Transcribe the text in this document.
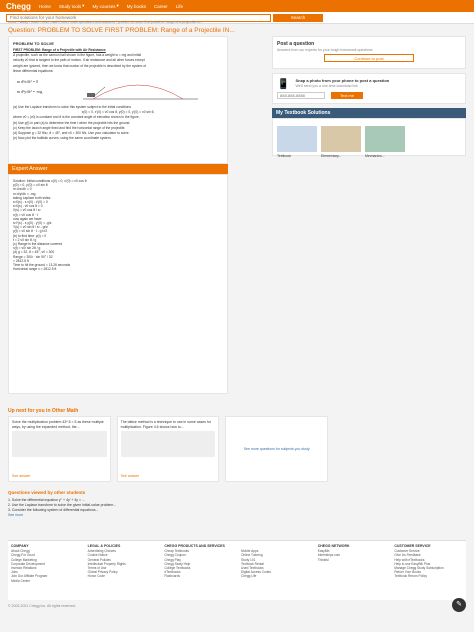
Chegg Home Study tools ▾ My courses ▾ My books Career Life
Find solutions for your homework
Search
home / study / math / other math / other math questions and answers / problem to solve first problem: range of a projectile in...
Question: PROBLEM TO SOLVE FIRST PROBLEM: Range of a Projectile IN...
PROBLEM TO SOLVE

FIRST PROBLEM: Range of a Projectile with Air Resistance

A projectile, such as the cannon ball shown in the figure, has a weight w = mg and initial

velocity v0 that is tangent to the path of motion. If air resistance and all other forces except

weight are ignored, then we know that motion of the projectile is described by the system of

linear differential equations:

m d²x/dt² = 0
m d²y/dt² = -mg

(a) Use the Laplace transform to solve this system subject to the initial conditions

x(0) = 0, x'(0) = v0 cos θ, y(0) = 0, y'(0) = v0 sin θ,

where v0 = |v0| is constant and θ is the constant angle of elevation shown in the figure.

(b) Use y(t) in part (a) to determine the time t when the projectile hits the ground.

(c) Keep the launch angle fixed and find the horizontal range of the projectile.

(d) Suppose g = 32 ft/s², θ = 45°, and v0 = 300 ft/s. Use your calculator to solve.

(e) Now plot the ballistic curves, using the same coordinate system.

Post a question
Answers from our experts for your tough homework questions
Continue to post
📱 Snap a photo from your phone to post a question
We'll send you a one-time download link
888-888-8888
Text me
My Textbook Solutions
Textbook	Elementary...	Mechanics...
Expert Answer
Solution: Initial conditions x(0) = 0, x'(0) = v0 cos θ
y(0) = 0, y'(0) = v0 sin θ
m d²x/dt² = 0
m d²y/dt² = -mg
taking Laplace both sides:
s²X(s) - s x(0) - x'(0) = 0
s²X(s) - v0 cos θ = 0
X(s) = v0 cos θ / s²
x(t) = v0 cos θ · t
now again we have:
s²Y(s) - s y(0) - y'(0) = -g/s
Y(s) = v0 sin θ / s² - g/s³
y(t) = v0 sin θ · t - g t²/2
(b) to find time: y(t) = 0
t = 2 v0 sin θ / g
(c) Range is the distance covered
x(t) = v0² sin 2θ / g
(d) g = 32, θ = 45°, v0 = 300
Range = 300² · sin 90° / 32
= 2812.5 ft
Time to hit the ground = 13.26 seconds
Horizontal range x = 2812.5 ft
Up next for you in Other Math
Solve the multiplication problem 43*.5 = 5 as these multiple ways, by using the expanded method, the...
See answer
The lattice method is a technique to use in some cases for multiplication. Figure 4.6 shows how to...
See answer
See more questions for subjects you study
Questions viewed by other students
1. Solve the differential equation y'' + 4y' + 4y = ...
2. Use the Laplace transform to solve the given initial-value problem...
3. Consider the following system of differential equations...
See more
COMPANY
About Chegg
Chegg For Good
College Marketing
Corporate Development
Investor Relations
Jobs
Join Our Affiliate Program
Media Center
LEGAL & POLICIES
Advertising Choices
Cookie Notice
General Policies
Intellectual Property Rights
Terms of Use
Global Privacy Policy
Honor Code
CHEGG PRODUCTS AND SERVICES
Cheap Textbooks
Chegg Coupon
Chegg Play
Chegg Study Help
College Textbooks
eTextbooks
Flashcards

Mobile Apps
Online Tutoring
Study 101
Textbook Rental
Used Textbooks
Digital Access Codes
Chegg Life
CHEGG NETWORK
EasyBib
Internships.com
Thinkful
CUSTOMER SERVICE
Customer Service
Give Us Feedback
Help with eTextbooks
Help to use EasyBib Plus
Manage Chegg Study Subscription
Return Your Books
Textbook Return Policy
© 2003-2021 Chegg Inc. All rights reserved.	✎
